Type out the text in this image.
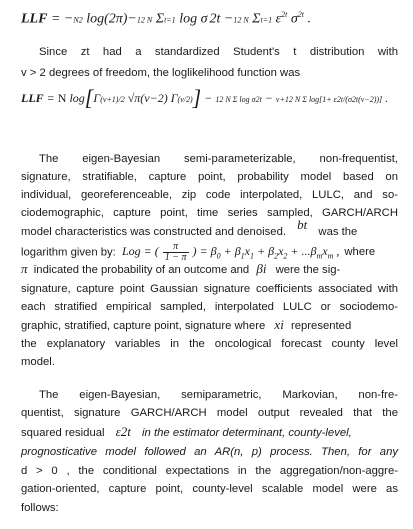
LLF = −N2 log(2π)−12 N Σt=1 log σ 2t −12 N Σt=1 $\varepsilon^{2t}$ $\sigma^{2t}$ .
Since zt had a standardized Student's t distribution with
v > 2 degrees of freedom, the loglikelihood function was
LLF = N log[Γ(v+1)/2 √π(v−2) Γ(v/2)] − 12 N Σ log σ2t − v+12 N Σ log[1+ ε2t/(σ2t(v−2))] .
The eigen-Bayesian semi-parameterizable, non-frequentist,
signature, stratifiable, capture point, probability model based on
individual, georeferenceable, zip code interpolated, LULC, and so-
ciodemographic, capture point, time series sampled, GARCH/ARCH
model characteristics was constructed and denoised. bt was the
logarithm given by: Log = ( $\frac{\pi}{1 - \pi}$ ) = $\beta_0 + \beta_1x_1 + \beta_2x_2 + ...\beta_mx_m$ , where
π  indicated the probability of an outcome and βi were the sig-
signature, capture point Gaussian signature coefficients associated with
each stratified empirical sampled, interpolated LULC or sociodemo-
graphic, stratified, capture point, signature where xi represented
the explanatory variables in the oncological forecast county level
model.
The eigen-Bayesian, semiparametric, Markovian, non-fre-
quentist, signature GARCH/ARCH model output revealed that the
squared residual ε2t in the estimator determinant, county-level,
prognosticative model followed an AR(n, p) process. Then, for any
d > 0 , the conditional expectations in the aggregation/non-aggre-
gation-oriented, capture point, county-level scalable model were as
follows:
